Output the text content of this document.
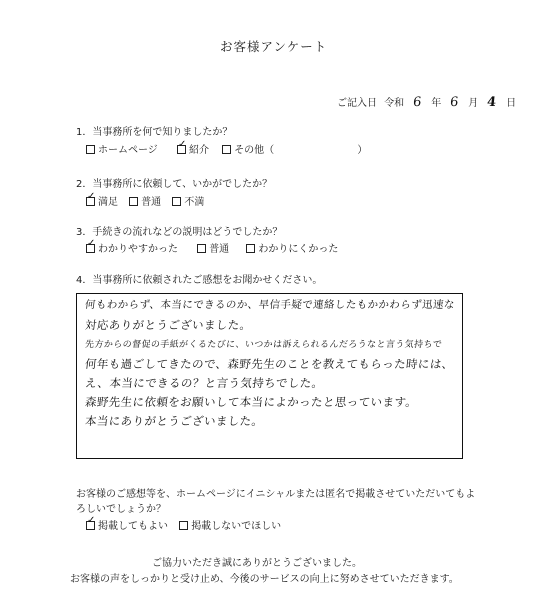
お客様アンケート
ご記入日 令和 6 年 6 月 4 日
1．当事務所を何で知りましたか？
ホームページ
✓
紹介	その他（	）
2．当事務所に依頼して、いかがでしたか？
✓
満足 普通 不満
3．手続きの流れなどの説明はどうでしたか？
✓
わかりやすかった	普通	わかりにくかった
4．当事務所に依頼されたご感想をお聞かせください。
何もわからず、本当にできるのか、早信手疑で連絡したもかかわらず迅速な
対応ありがとうございました。
先方からの督促の手紙がくるたびに、いつかは訴えられるんだろうなと言う気持ちで
何年も過ごしてきたので、森野先生のことを教えてもらった時には、
え、本当にできるの？と言う気持ちでした。
森野先生に依頼をお願いして本当によかったと思っています。
本当にありがとうございました。
お客様のご感想等を、ホームページにイニシャルまたは匿名で掲載させていただいてもよ
ろしいでしょうか？
✓
掲載してもよい 掲載しないでほしい
ご協力いただき誠にありがとうございました。
お客様の声をしっかりと受け止め、今後のサービスの向上に努めさせていただきます。
